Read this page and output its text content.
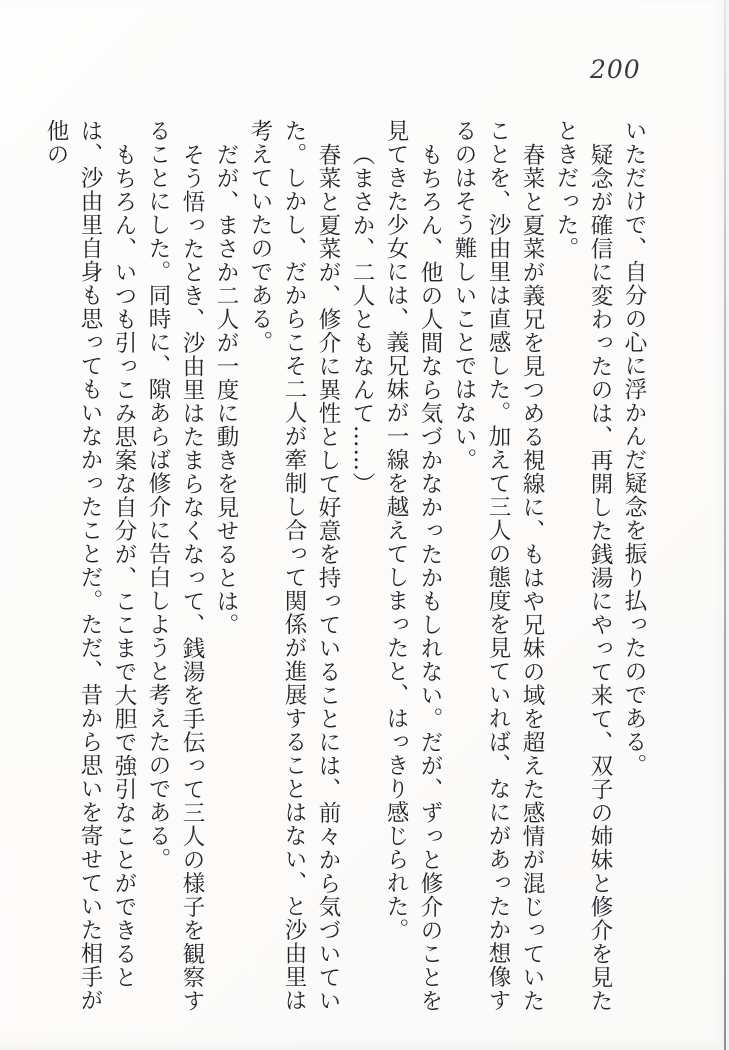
200

いただけで、自分の心に浮かんだ疑念を振り払ったのである。

疑念が確信に変わったのは、再開した銭湯にやって来て、双子の姉妹と修介を見たときだった。

春菜と夏菜が義兄を見つめる視線に、もはや兄妹の域を超えた感情が混じっていたことを、沙由里は直感した。加えて三人の態度を見ていれば、なにがあったか想像するのはそう難しいことではない。

もちろん、他の人間なら気づかなかったかもしれない。だが、ずっと修介のことを見てきた少女には、義兄妹が一線を越えてしまったと、はっきり感じられた。

（まさか、二人ともなんて……）

春菜と夏菜が、修介に異性として好意を持っていることには、前々から気づいていた。しかし、だからこそ二人が牽制し合って関係が進展することはない、と沙由里は考えていたのである。

だが、まさか二人が一度に動きを見せるとは。

そう悟ったとき、沙由里はたまらなくなって、銭湯を手伝って三人の様子を観察することにした。同時に、隙あらば修介に告白しようと考えたのである。

もちろん、いつも引っこみ思案な自分が、ここまで大胆で強引なことができるとは、沙由里自身も思ってもいなかったことだ。ただ、昔から思いを寄せていた相手が他の
